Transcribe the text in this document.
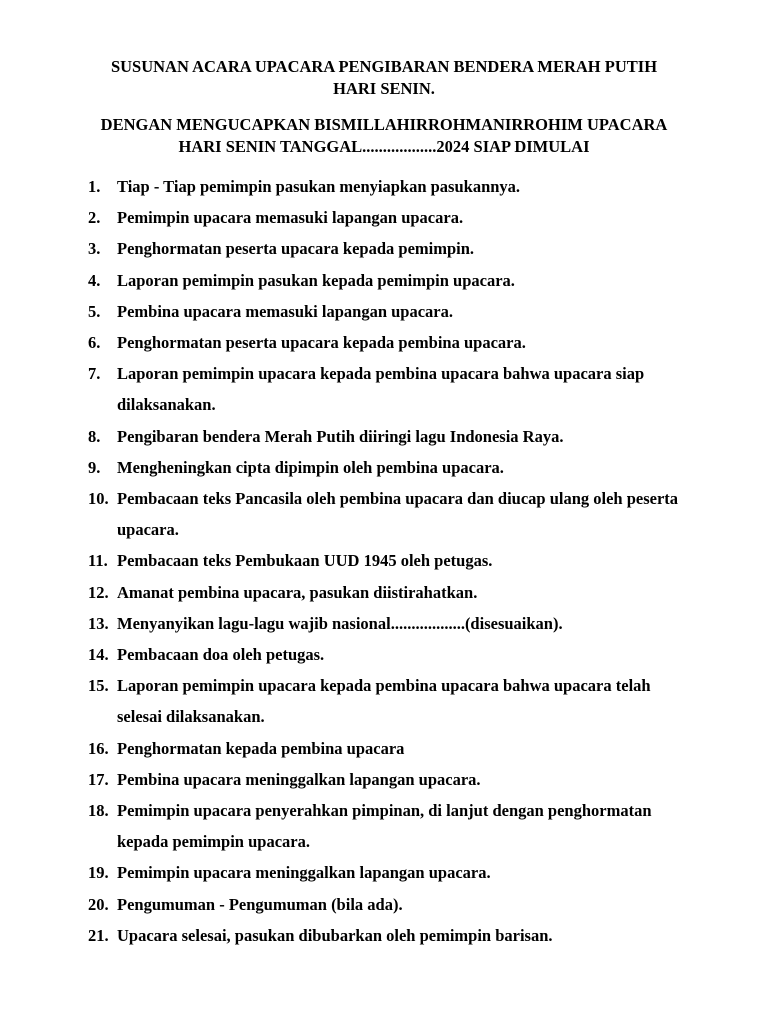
SUSUNAN ACARA UPACARA PENGIBARAN BENDERA MERAH PUTIH
HARI SENIN.
DENGAN MENGUCAPKAN BISMILLAHIRROHMANIRROHIM UPACARA
HARI SENIN TANGGAL..................2024 SIAP DIMULAI
1.	Tiap - Tiap pemimpin pasukan menyiapkan pasukannya.
2.	Pemimpin upacara memasuki lapangan upacara.
3.	Penghormatan peserta upacara kepada pemimpin.
4.	Laporan pemimpin pasukan kepada pemimpin upacara.
5.	Pembina upacara memasuki lapangan upacara.
6.	Penghormatan peserta upacara kepada pembina upacara.
7.	Laporan pemimpin upacara kepada pembina upacara bahwa upacara siap dilaksanakan.
8.	Pengibaran bendera Merah Putih diiringi lagu Indonesia Raya.
9.	Mengheningkan cipta dipimpin oleh pembina upacara.
10. Pembacaan teks Pancasila oleh pembina upacara dan diucap ulang oleh peserta upacara.
11. Pembacaan teks Pembukaan UUD 1945 oleh petugas.
12. Amanat pembina upacara, pasukan diistirahatkan.
13. Menyanyikan lagu-lagu wajib nasional..................(disesuaikan).
14. Pembacaan doa oleh petugas.
15. Laporan pemimpin upacara kepada pembina upacara bahwa upacara telah selesai dilaksanakan.
16. Penghormatan kepada pembina upacara
17. Pembina upacara meninggalkan lapangan upacara.
18. Pemimpin upacara penyerahkan pimpinan, di lanjut dengan penghormatan kepada pemimpin upacara.
19. Pemimpin upacara meninggalkan lapangan upacara.
20. Pengumuman - Pengumuman (bila ada).
21. Upacara selesai, pasukan dibubarkan oleh pemimpin barisan.
